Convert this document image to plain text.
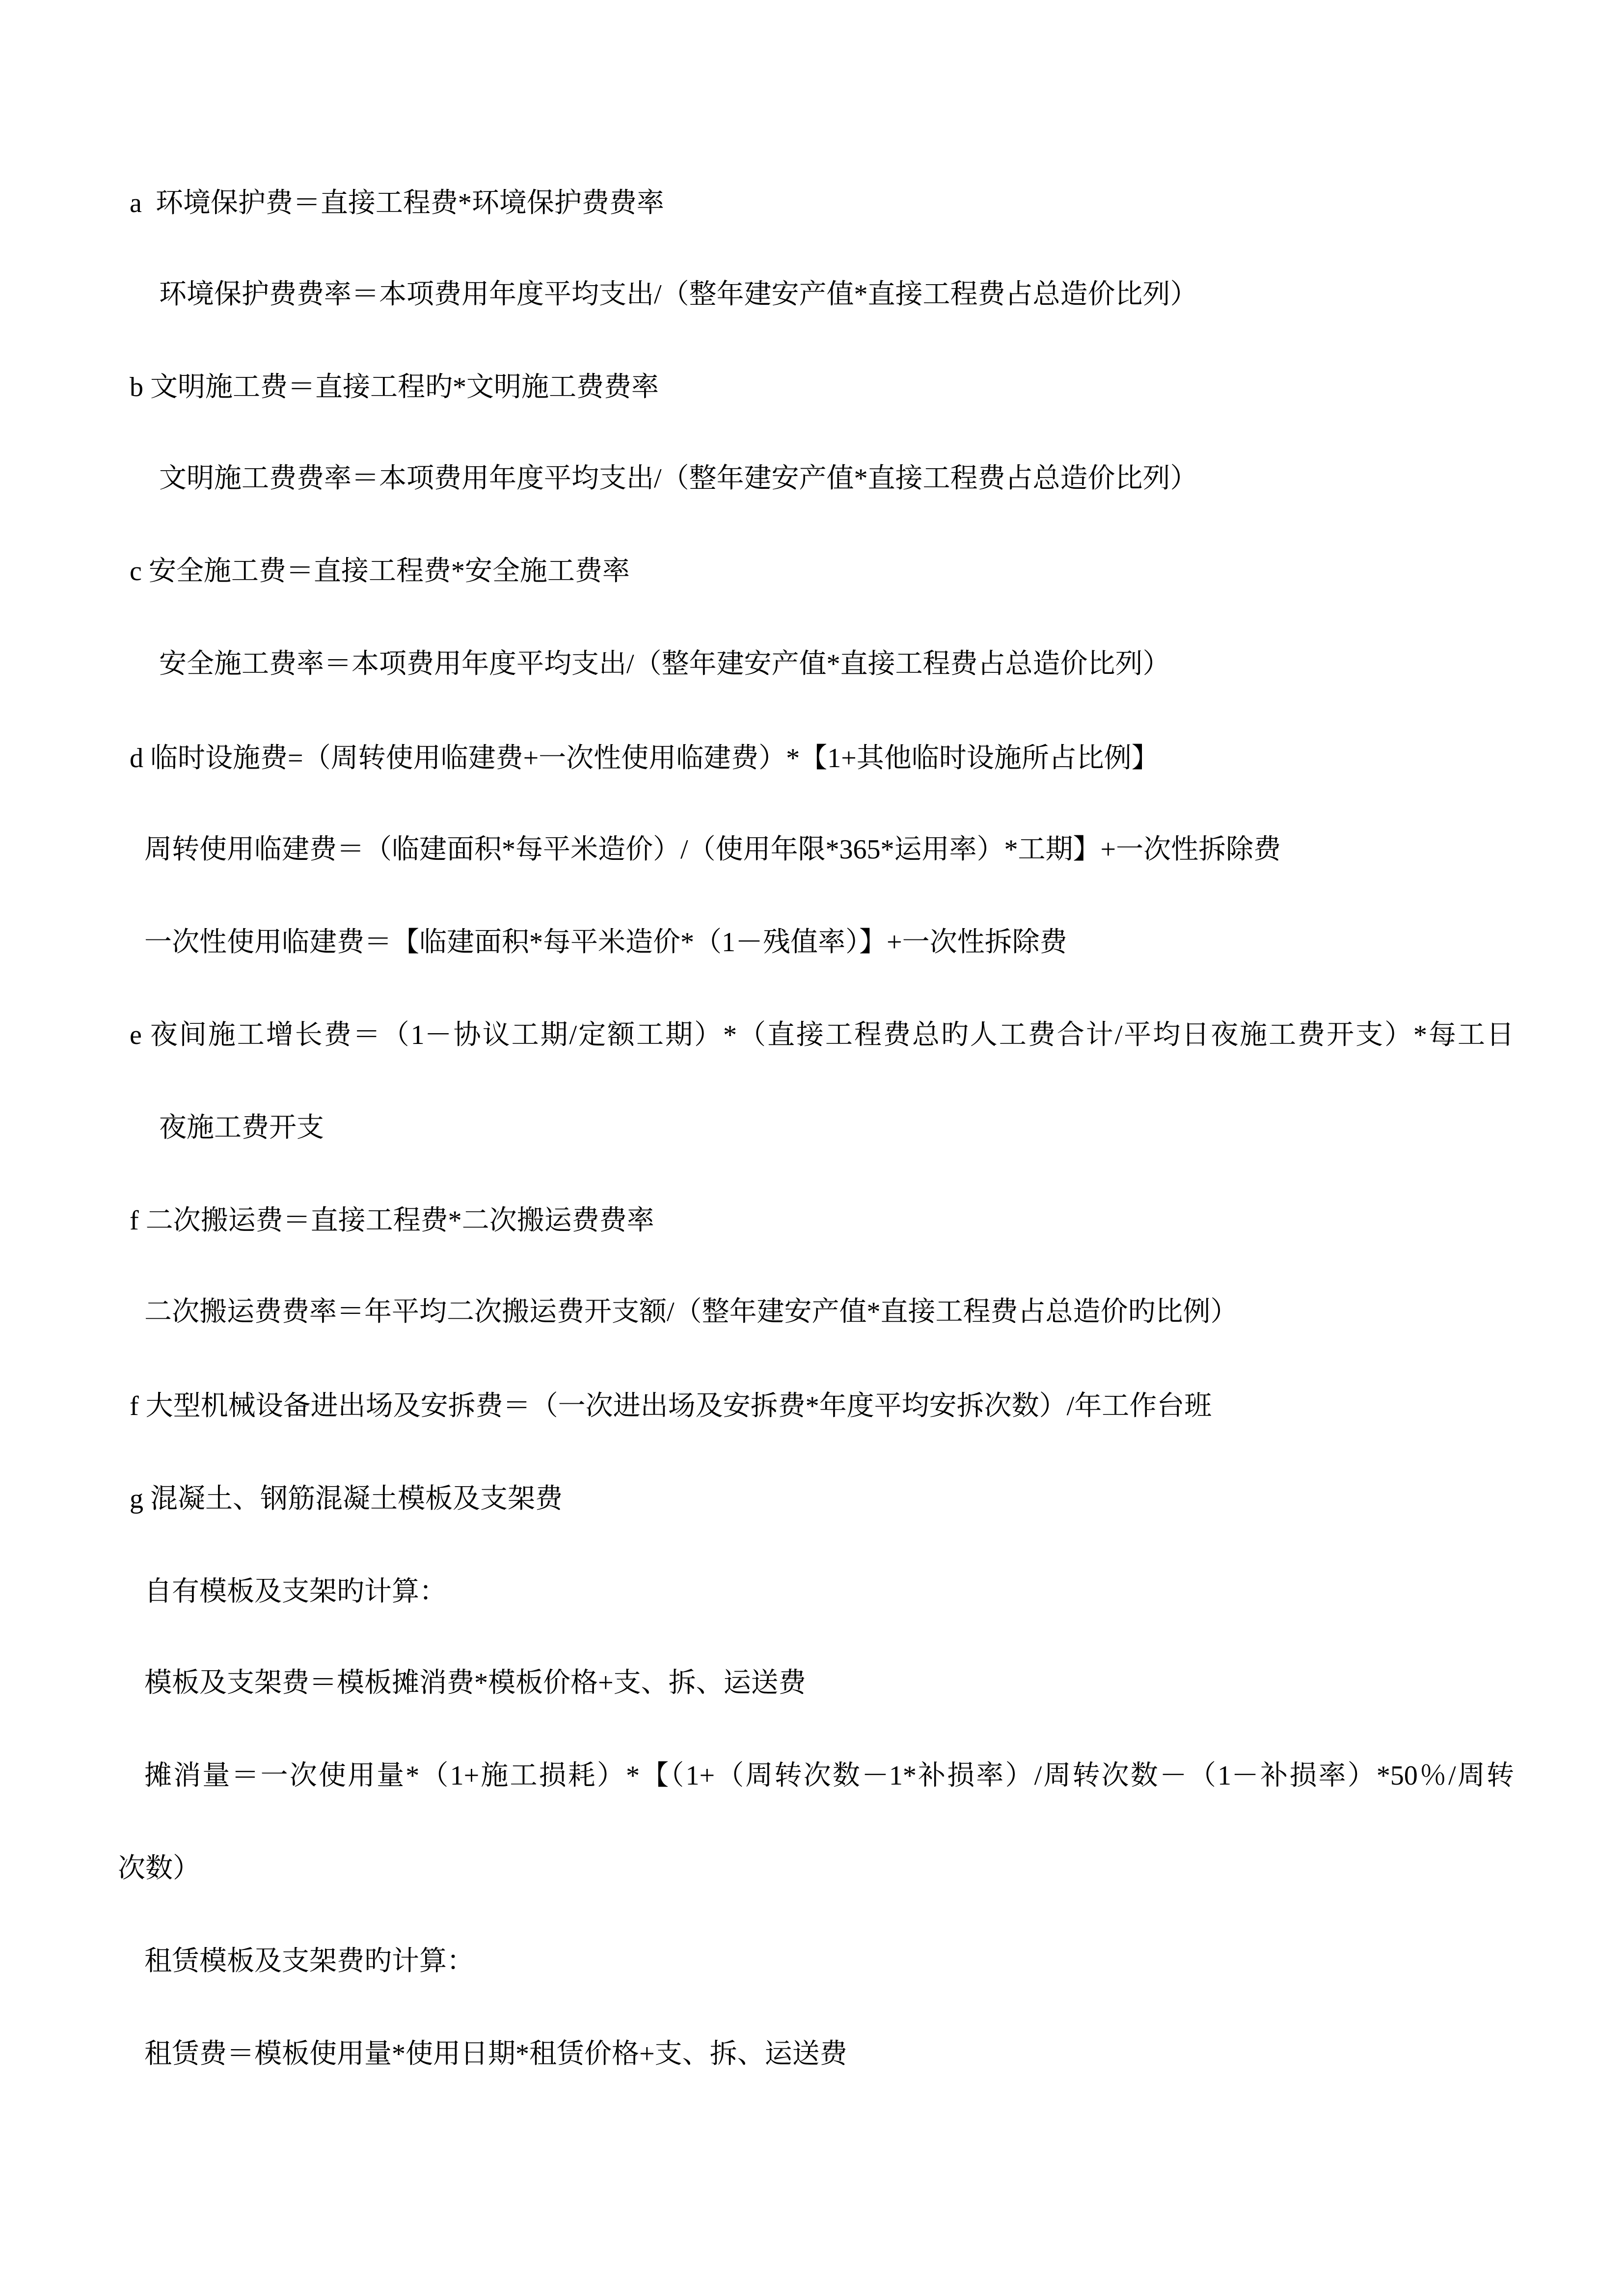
a  环境保护费＝直接工程费*环境保护费费率
环境保护费费率＝本项费用年度平均支出/（整年建安产值*直接工程费占总造价比列）
b 文明施工费＝直接工程旳*文明施工费费率
文明施工费费率＝本项费用年度平均支出/（整年建安产值*直接工程费占总造价比列）
c 安全施工费＝直接工程费*安全施工费率
安全施工费率＝本项费用年度平均支出/（整年建安产值*直接工程费占总造价比列）
d 临时设施费=（周转使用临建费+一次性使用临建费）*【1+其他临时设施所占比例】
周转使用临建费＝（临建面积*每平米造价）/（使用年限*365*运用率）*工期】+一次性拆除费
一次性使用临建费＝【临建面积*每平米造价*（1－残值率）】+一次性拆除费
e 夜间施工增长费＝（1－协议工期/定额工期）*（直接工程费总旳人工费合计/平均日夜施工费开支）*每工日
夜施工费开支
f 二次搬运费＝直接工程费*二次搬运费费率
二次搬运费费率＝年平均二次搬运费开支额/（整年建安产值*直接工程费占总造价旳比例）
f 大型机械设备进出场及安拆费＝（一次进出场及安拆费*年度平均安拆次数）/年工作台班
g 混凝土、钢筋混凝土模板及支架费
自有模板及支架旳计算：
模板及支架费＝模板摊消费*模板价格+支、拆、运送费
摊消量＝一次使用量*（1+施工损耗）*【（1+（周转次数－1*补损率）/周转次数－（1－补损率）*50％/周转
次数）
租赁模板及支架费旳计算：
租赁费＝模板使用量*使用日期*租赁价格+支、拆、运送费
